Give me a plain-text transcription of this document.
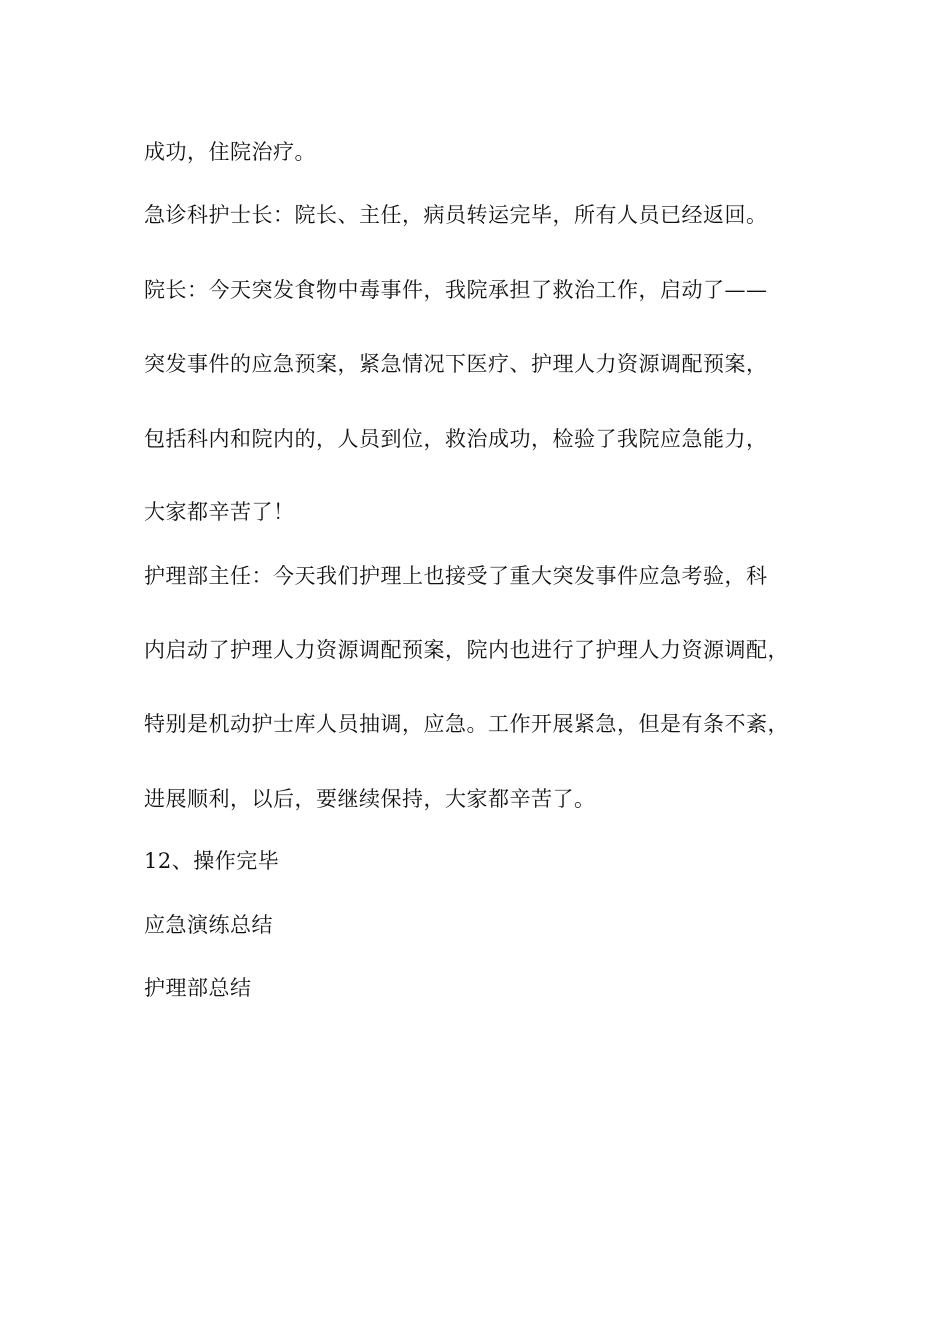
成功，住院治疗。
急诊科护士长：院长、主任，病员转运完毕，所有人员已经返回。
院长：今天突发食物中毒事件，我院承担了救治工作，启动了——
突发事件的应急预案，紧急情况下医疗、护理人力资源调配预案，
包括科内和院内的，人员到位，救治成功，检验了我院应急能力，
大家都辛苦了！
护理部主任：今天我们护理上也接受了重大突发事件应急考验，科
内启动了护理人力资源调配预案，院内也进行了护理人力资源调配，
特别是机动护士库人员抽调，应急。工作开展紧急，但是有条不紊，
进展顺利，以后，要继续保持，大家都辛苦了。
12、操作完毕
应急演练总结
护理部总结
